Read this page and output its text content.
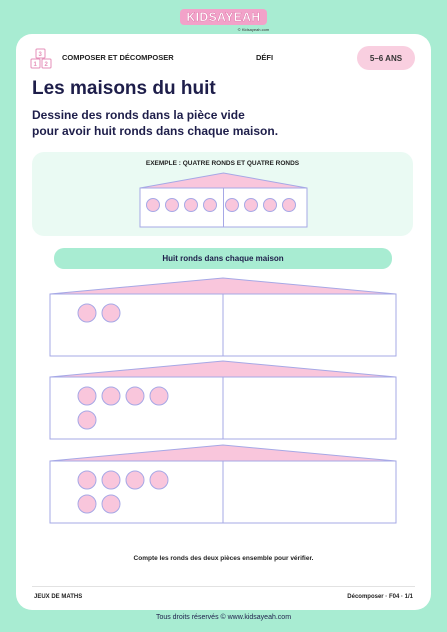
KIDSAYEAH
© Kidsayeah.com
1 2
3	COMPOSER ET DÉCOMPOSER	DÉFI	5–6 ANS
Les maisons du huit
Dessine des ronds dans la pièce vide
pour avoir huit ronds dans chaque maison.
EXEMPLE : QUATRE RONDS ET QUATRE RONDS
Huit ronds dans chaque maison
Compte les ronds des deux pièces ensemble pour vérifier.
JEUX DE MATHS	Décomposer · F04 · 1/1
Tous droits réservés © www.kidsayeah.com
